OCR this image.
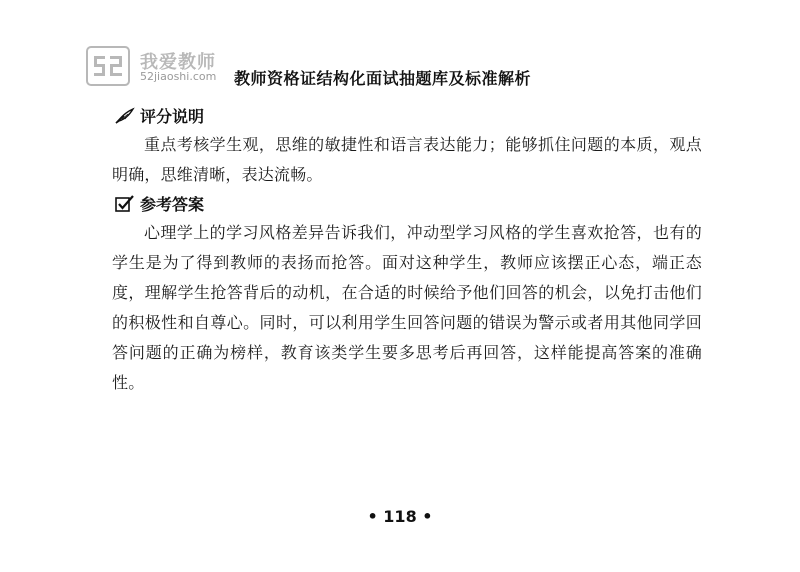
我爱教师
52jiaoshi.com 教师资格证结构化面试抽题库及标准解析
评分说明
重点考核学生观，思维的敏捷性和语言表达能力；能够抓住问题的本质，观点明确，思维清晰，表达流畅。
参考答案
心理学上的学习风格差异告诉我们，冲动型学习风格的学生喜欢抢答，也有的学生是为了得到教师的表扬而抢答。面对这种学生，教师应该摆正心态，端正态度，理解学生抢答背后的动机，在合适的时候给予他们回答的机会，以免打击他们的积极性和自尊心。同时，可以利用学生回答问题的错误为警示或者用其他同学回答问题的正确为榜样，教育该类学生要多思考后再回答，这样能提高答案的准确性。
• 118 •
